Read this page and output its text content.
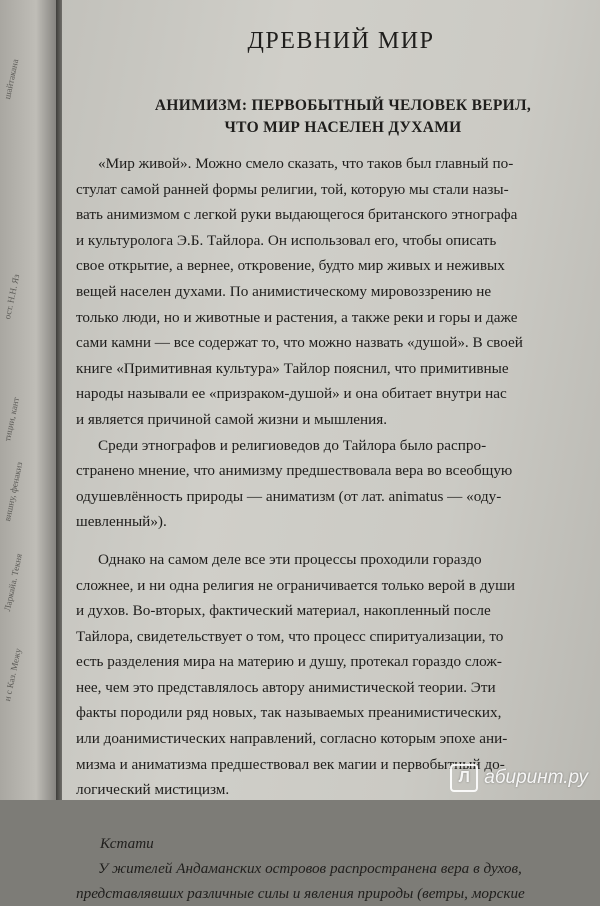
шайтакана
ост. Н.Н. Яз
тиции, кант
вишну, фенакиз
Ларкайа. Текня
и с Каз. Межу
ДРЕВНИЙ МИР
АНИМИЗМ: ПЕРВОБЫТНЫЙ ЧЕЛОВЕК ВЕРИЛ,
ЧТО МИР НАСЕЛЕН ДУХАМИ

«Мир живой». Можно смело сказать, что таков был главный по-
стулат самой ранней формы религии, той, которую мы стали назы-
вать анимизмом с легкой руки выдающегося британского этнографа
и культуролога Э.Б. Тайлора. Он использовал его, чтобы описать
свое открытие, а вернее, откровение, будто мир живых и неживых
вещей населен духами. По анимистическому мировоззрению не
только люди, но и животные и растения, а также реки и горы и даже
сами камни — все содержат то, что можно назвать «душой». В своей
книге «Примитивная культура» Тайлор пояснил, что примитивные
народы называли ее «призраком-душой» и она обитает внутри нас
и является причиной самой жизни и мышления.

Среди этнографов и религиоведов до Тайлора было распро-
странено мнение, что анимизму предшествовала вера во всеобщую
одушевлённость природы — аниматизм (от лат. animatus — «оду-
шевленный»).

Однако на самом деле все эти процессы проходили гораздо
сложнее, и ни одна религия не ограничивается только верой в души
и духов. Во-вторых, фактический материал, накопленный после
Тайлора, свидетельствует о том, что процесс спиритуализации, то
есть разделения мира на материю и душу, протекал гораздо слож-
нее, чем это представлялось автору анимистической теории. Эти
факты породили ряд новых, так называемых преанимистических,
или доанимистических направлений, согласно которым эпохе ани-
мизма и аниматизма предшествовал век магии и первобытный до-
логический мистицизм.

Кстати
У жителей Андаманских островов распространена вера в духов,
представлявших различные силы и явления природы (ветры, морские
Л абиринт.ру
